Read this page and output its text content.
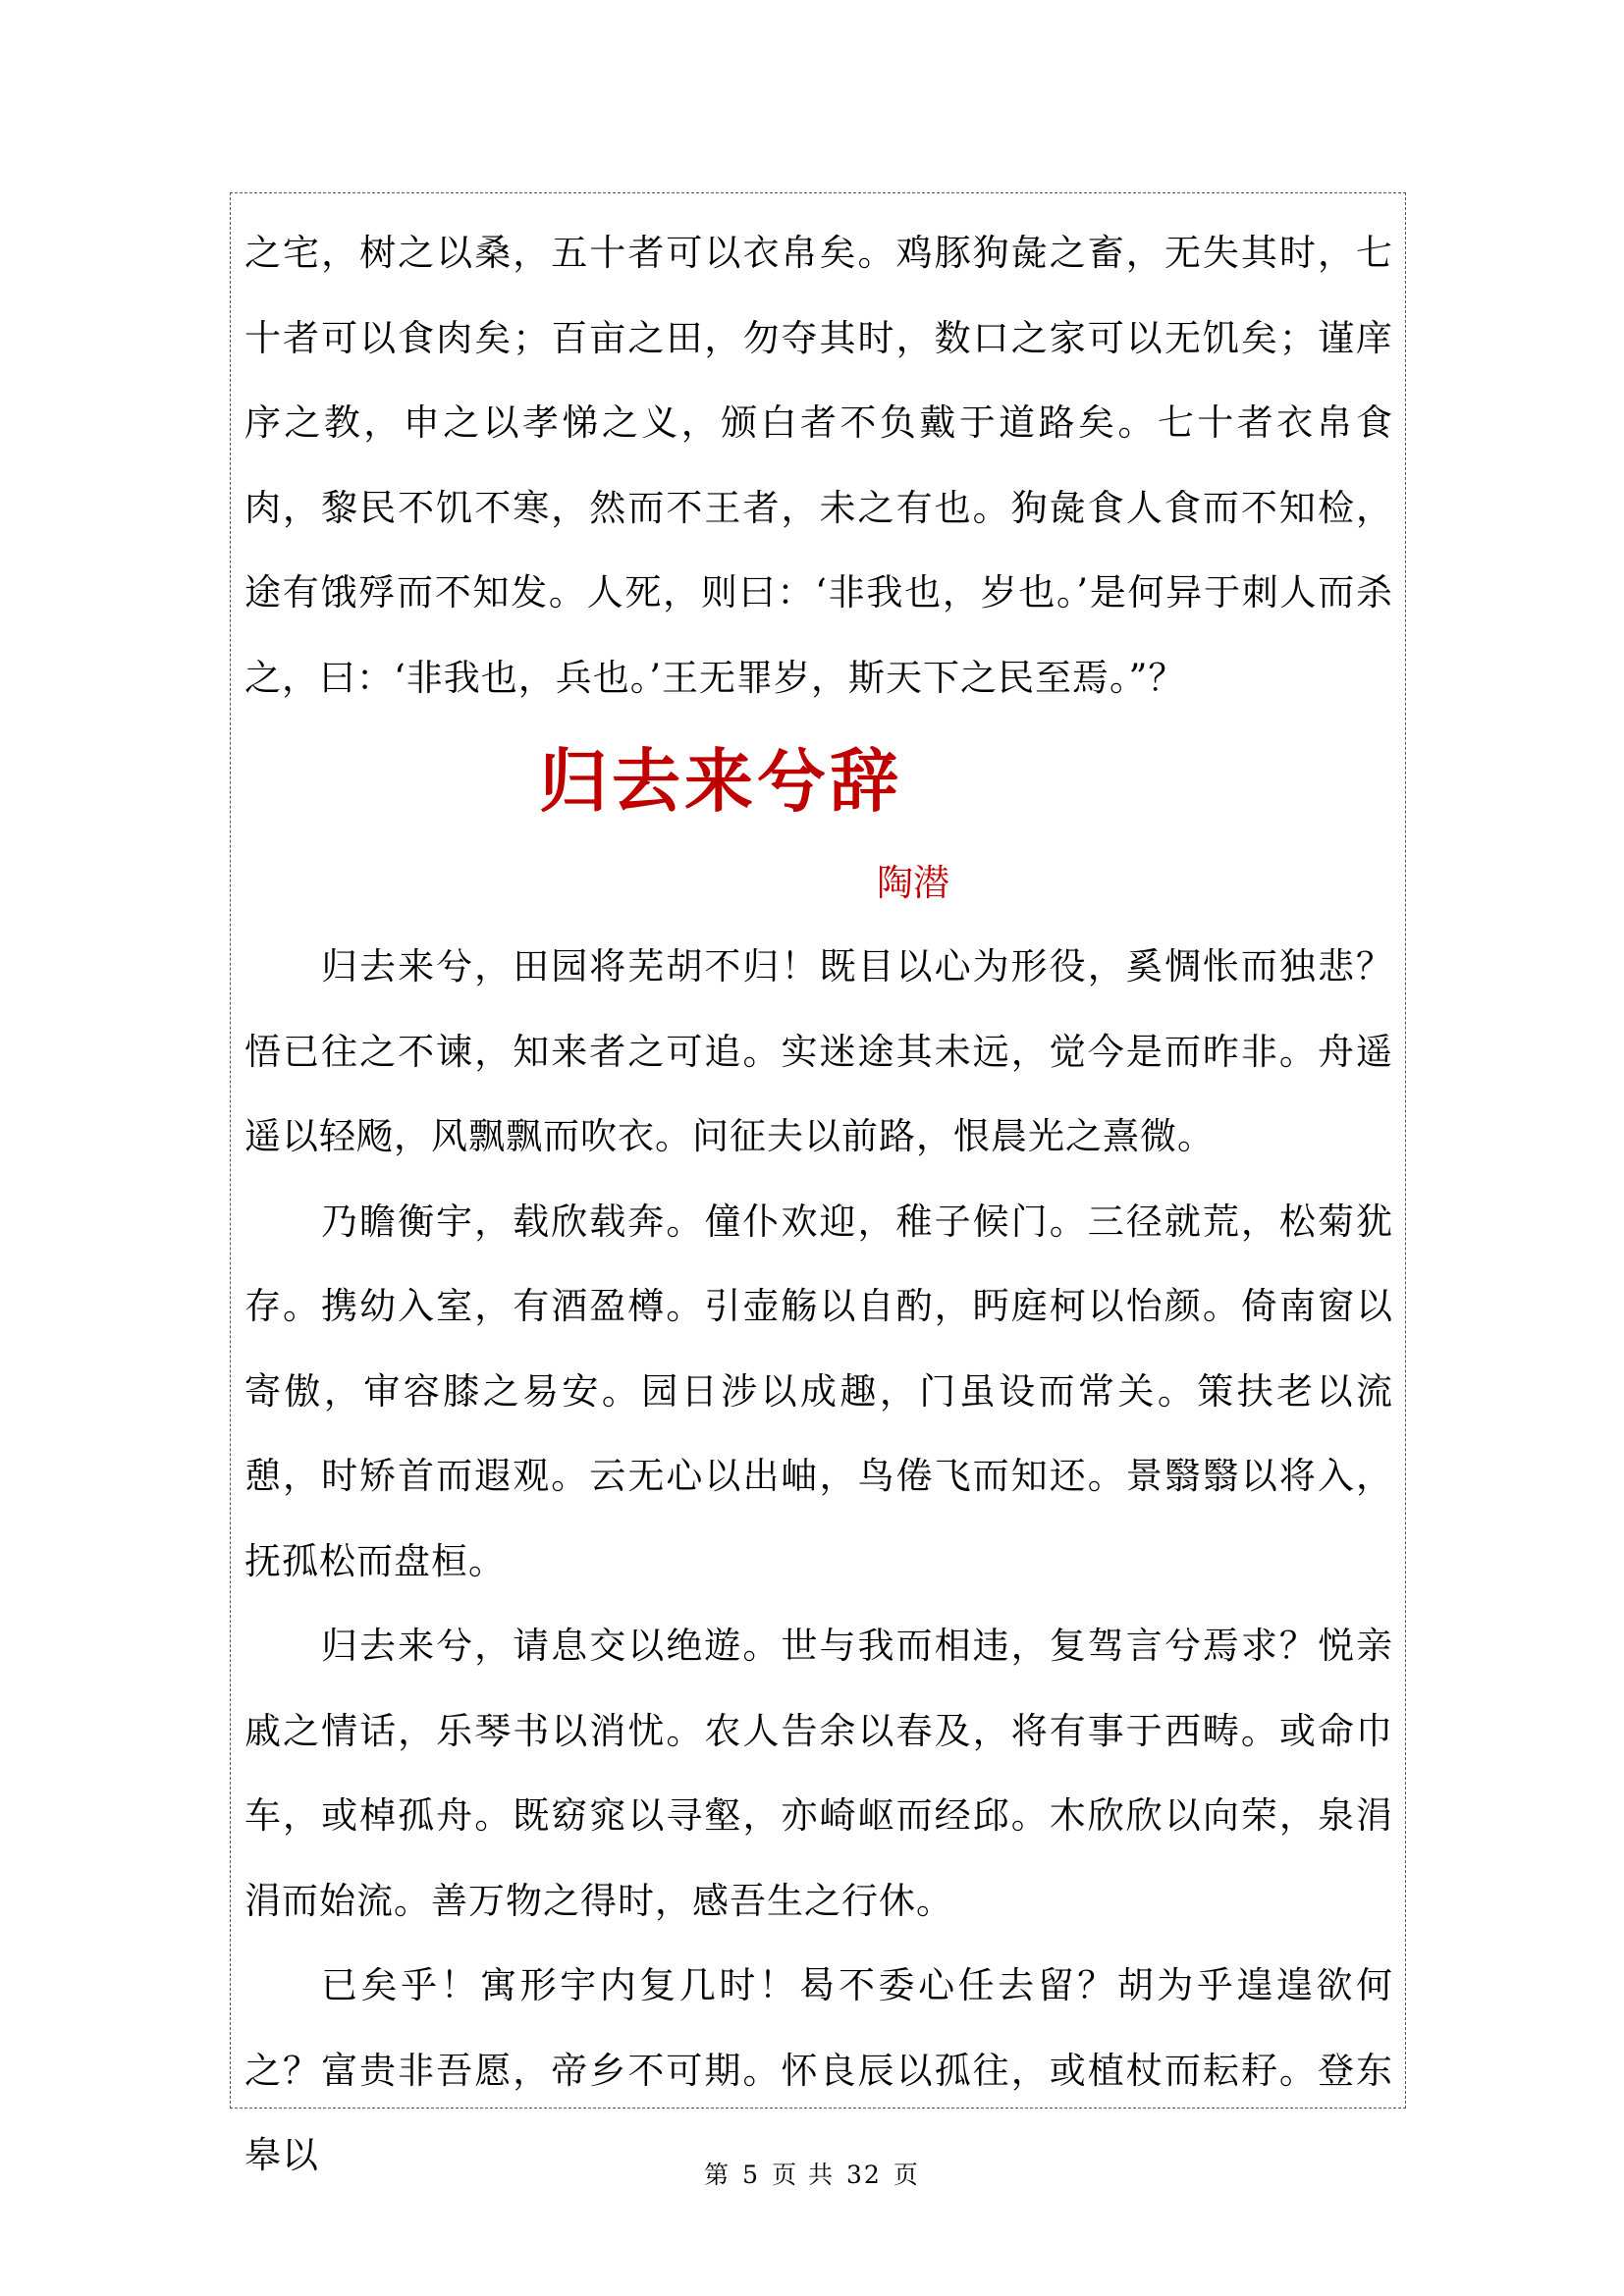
之宅，树之以桑，五十者可以衣帛矣。鸡豚狗彘之畜，无失其时，七十者可以食肉矣；百亩之田，勿夺其时，数口之家可以无饥矣；谨庠序之教，申之以孝悌之义，颁白者不负戴于道路矣。七十者衣帛食肉，黎民不饥不寒，然而不王者，未之有也。狗彘食人食而不知检，途有饿殍而不知发。人死，则曰：‘非我也，岁也。’是何异于刺人而杀之，曰：‘非我也，兵也。’王无罪岁，斯天下之民至焉。”？

归去来兮辞
陶潜

归去来兮，田园将芜胡不归！既目以心为形役，奚惆怅而独悲？悟已往之不谏，知来者之可追。实迷途其未远，觉今是而昨非。舟遥遥以轻飏，风飘飘而吹衣。问征夫以前路，恨晨光之熹微。

乃瞻衡宇，载欣载奔。僮仆欢迎，稚子候门。三径就荒，松菊犹存。携幼入室，有酒盈樽。引壶觞以自酌，眄庭柯以怡颜。倚南窗以寄傲，审容膝之易安。园日涉以成趣，门虽设而常关。策扶老以流憩，时矫首而遐观。云无心以出岫，鸟倦飞而知还。景翳翳以将入，抚孤松而盘桓。

归去来兮，请息交以绝遊。世与我而相违，复驾言兮焉求？悦亲戚之情话，乐琴书以消忧。农人告余以春及，将有事于西畴。或命巾车，或棹孤舟。既窈窕以寻壑，亦崎岖而经邱。木欣欣以向荣，泉涓涓而始流。善万物之得时，感吾生之行休。

已矣乎！寓形宇内复几时！曷不委心任去留？胡为乎遑遑欲何之？富贵非吾愿，帝乡不可期。怀良辰以孤往，或植杖而耘耔。登东皋以	第 5 页 共 32 页
